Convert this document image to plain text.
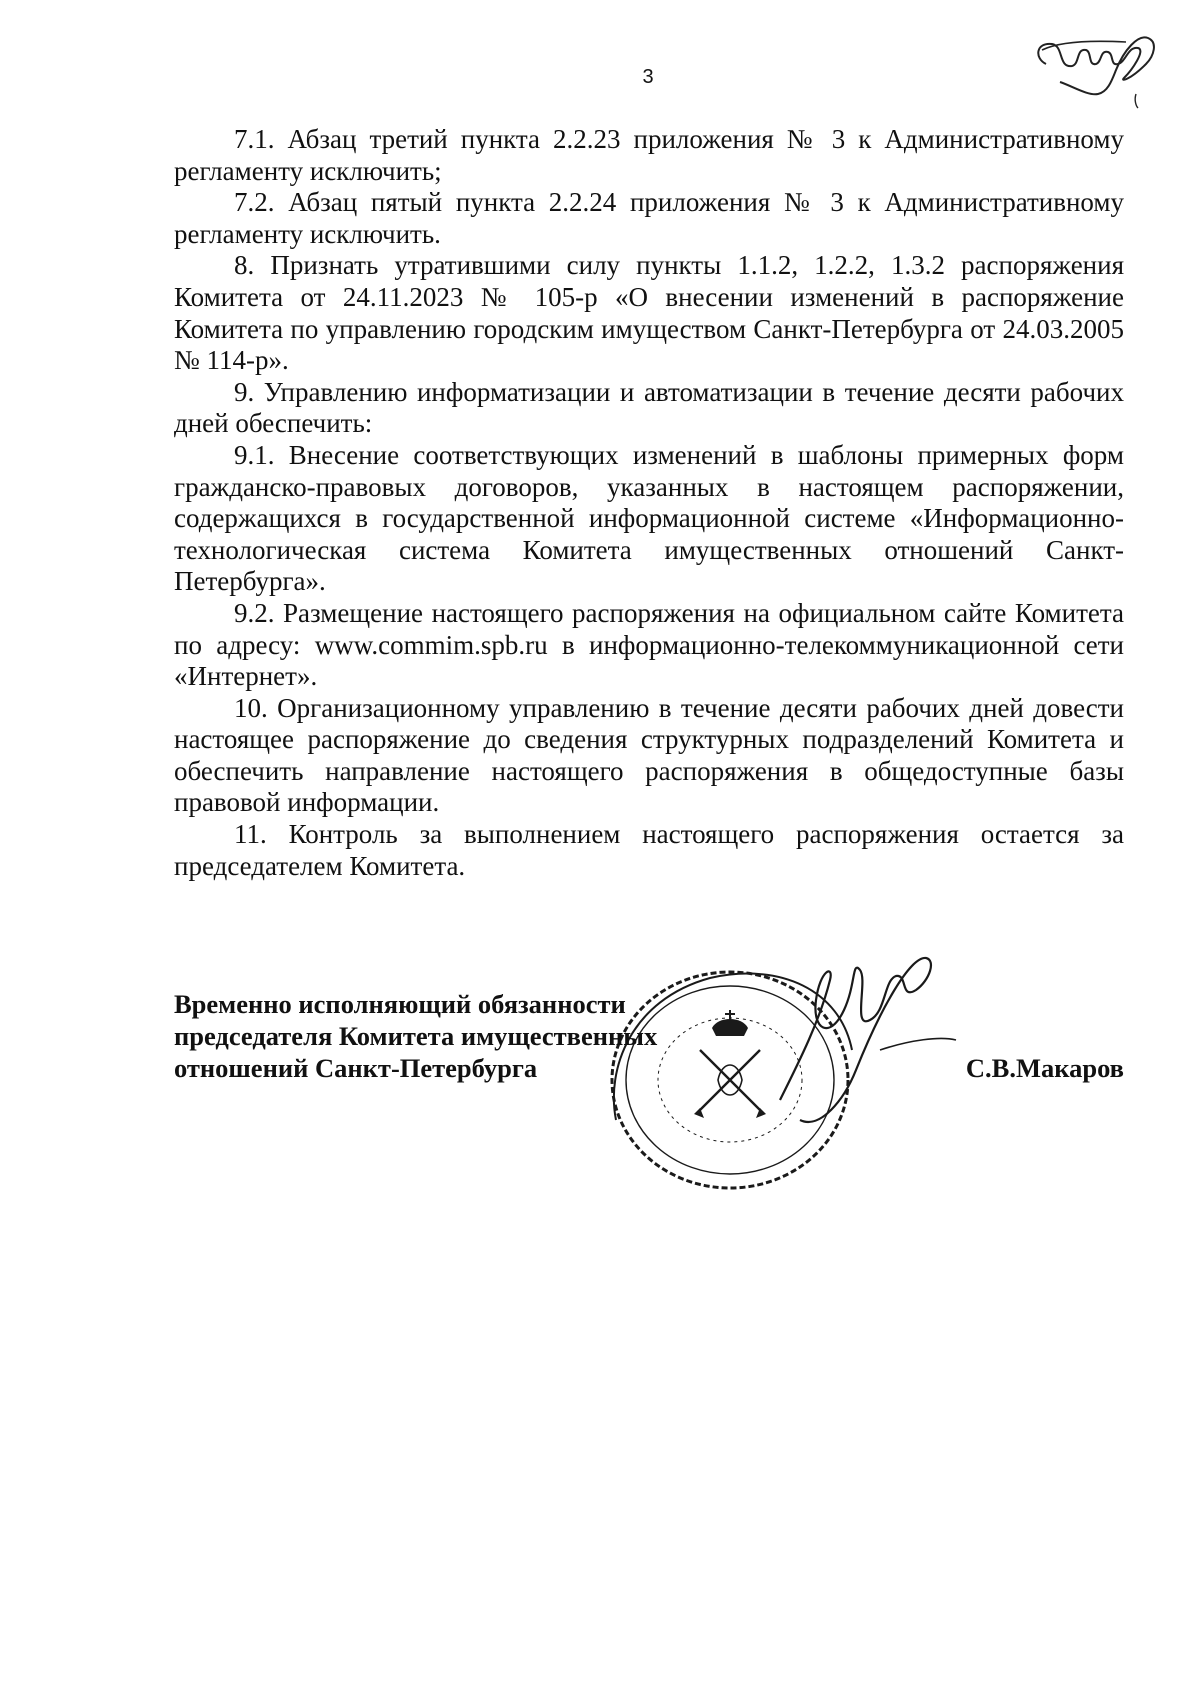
3

7.1. Абзац третий пункта 2.2.23 приложения № 3 к Административному регламенту исключить;

7.2. Абзац пятый пункта 2.2.24 приложения № 3 к Административному регламенту исключить.

8. Признать утратившими силу пункты 1.1.2, 1.2.2, 1.3.2 распоряжения Комитета от 24.11.2023 № 105-р «О внесении изменений в распоряжение Комитета по управлению городским имуществом Санкт-Петербурга от 24.03.2005 № 114-р».

9. Управлению информатизации и автоматизации в течение десяти рабочих дней обеспечить:

9.1. Внесение соответствующих изменений в шаблоны примерных форм гражданско-правовых договоров, указанных в настоящем распоряжении, содержащихся в государственной информационной системе «Информационно-технологическая система Комитета имущественных отношений Санкт-Петербурга».

9.2. Размещение настоящего распоряжения на официальном сайте Комитета по адресу: www.commim.spb.ru в информационно-телекоммуникационной сети «Интернет».

10. Организационному управлению в течение десяти рабочих дней довести настоящее распоряжение до сведения структурных подразделений Комитета и обеспечить направление настоящего распоряжения в общедоступные базы правовой информации.

11. Контроль за выполнением настоящего распоряжения остается за председателем Комитета.

Временно исполняющий обязанности
председателя Комитета имущественных
отношений Санкт-Петербурга	С.В.Макаров
